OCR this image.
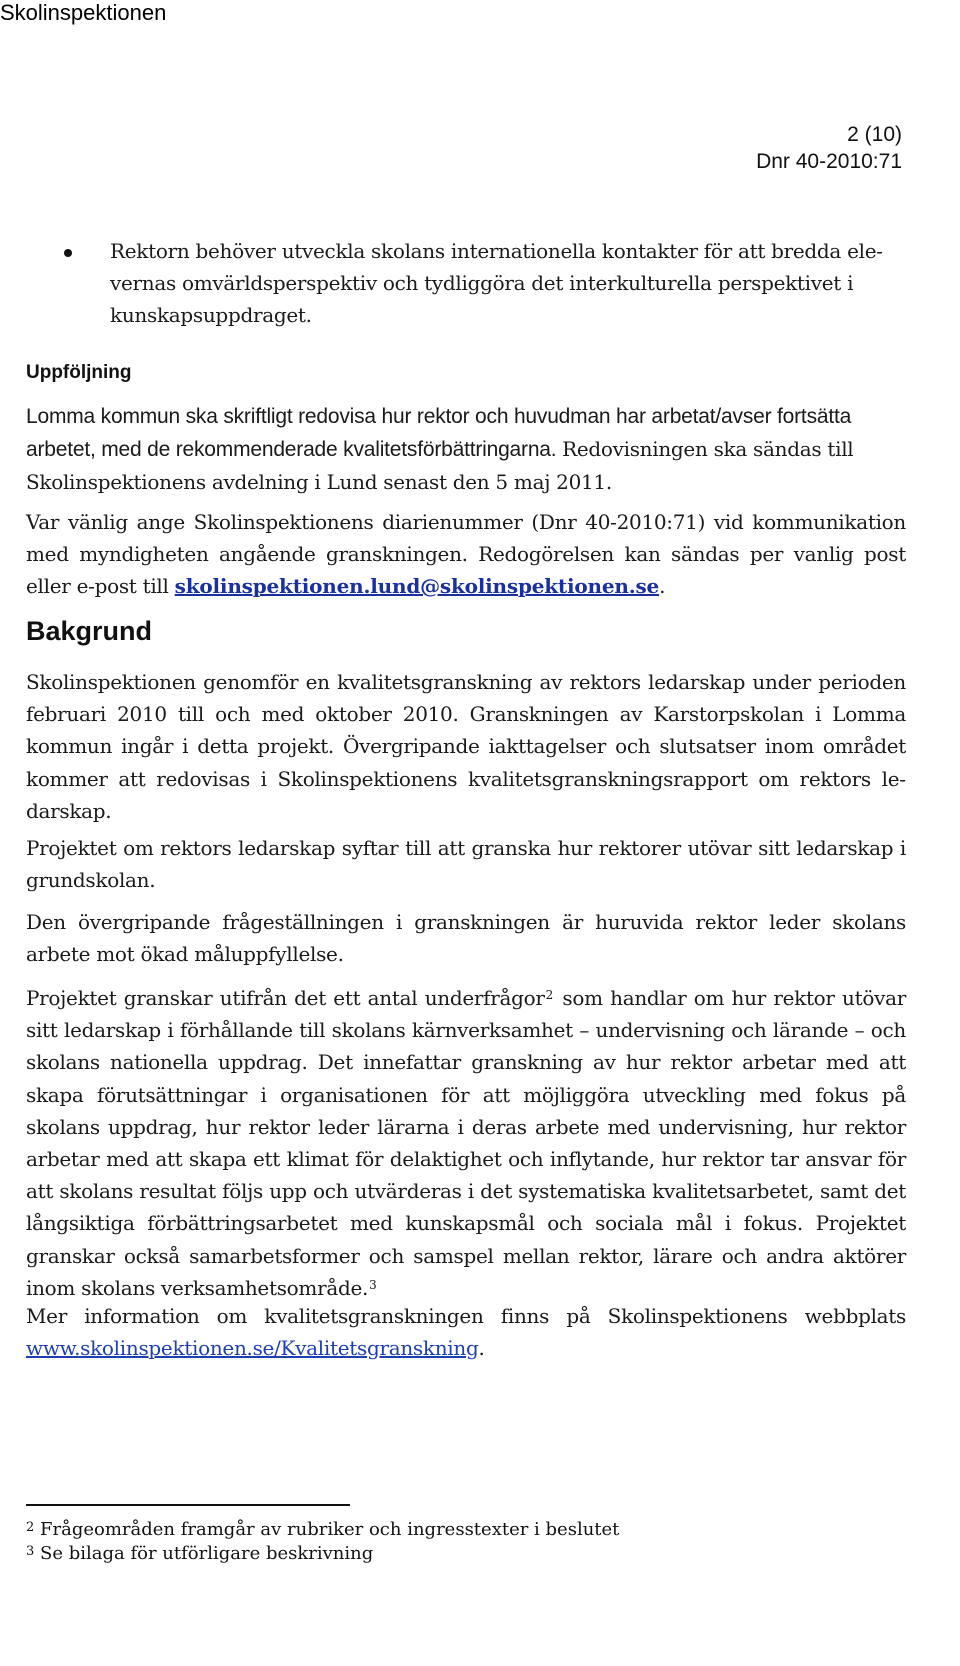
Skolinspektionen
2 (10)
Dnr 40-2010:71
Rektorn behöver utveckla skolans internationella kontakter för att bredda elevernas omvärldsperspektiv och tydliggöra det interkulturella perspektivet i kunskapsuppdraget.
Uppföljning
Lomma kommun ska skriftligt redovisa hur rektor och huvudman har arbetat/avser fortsätta arbetet, med de rekommenderade kvalitetsförbättringarna. Redovisningen ska sändas till Skolinspektionens avdelning i Lund senast den 5 maj 2011.
Var vänlig ange Skolinspektionens diarienummer (Dnr 40-2010:71) vid kommunikation med myndigheten angående granskningen. Redogörelsen kan sändas per vanlig post eller e-post till skolinspektionen.lund@skolinspektionen.se.
Bakgrund
Skolinspektionen genomför en kvalitetsgranskning av rektors ledarskap under perioden februari 2010 till och med oktober 2010. Granskningen av Karstorpskolan i Lomma kommun ingår i detta projekt. Övergripande iakttagelser och slutsatser inom området kommer att redovisas i Skolinspektionens kvalitetsgranskningsrapport om rektors ledarskap.
Projektet om rektors ledarskap syftar till att granska hur rektorer utövar sitt ledarskap i grundskolan.
Den övergripande frågeställningen i granskningen är huruvida rektor leder skolans arbete mot ökad måluppfyllelse.
Projektet granskar utifrån det ett antal underfrågor$^2$ som handlar om hur rektor utövar sitt ledarskap i förhållande till skolans kärnverksamhet – undervisning och lärande – och skolans nationella uppdrag. Det innefattar granskning av hur rektor arbetar med att skapa förutsättningar i organisationen för att möjliggöra utveckling med fokus på skolans uppdrag, hur rektor leder lärarna i deras arbete med undervisning, hur rektor arbetar med att skapa ett klimat för delaktighet och inflytande, hur rektor tar ansvar för att skolans resultat följs upp och utvärderas i det systematiska kvalitetsarbetet, samt det långsiktiga förbättringsarbetet med kunskapsmål och sociala mål i fokus. Projektet granskar också samarbetsformer och samspel mellan rektor, lärare och andra aktörer inom skolans verksamhetsområde.$^3$
Mer information om kvalitetsgranskningen finns på Skolinspektionens webbplats www.skolinspektionen.se/Kvalitetsgranskning.
2 Frågeområden framgår av rubriker och ingresstexter i beslutet
3 Se bilaga för utförligare beskrivning
